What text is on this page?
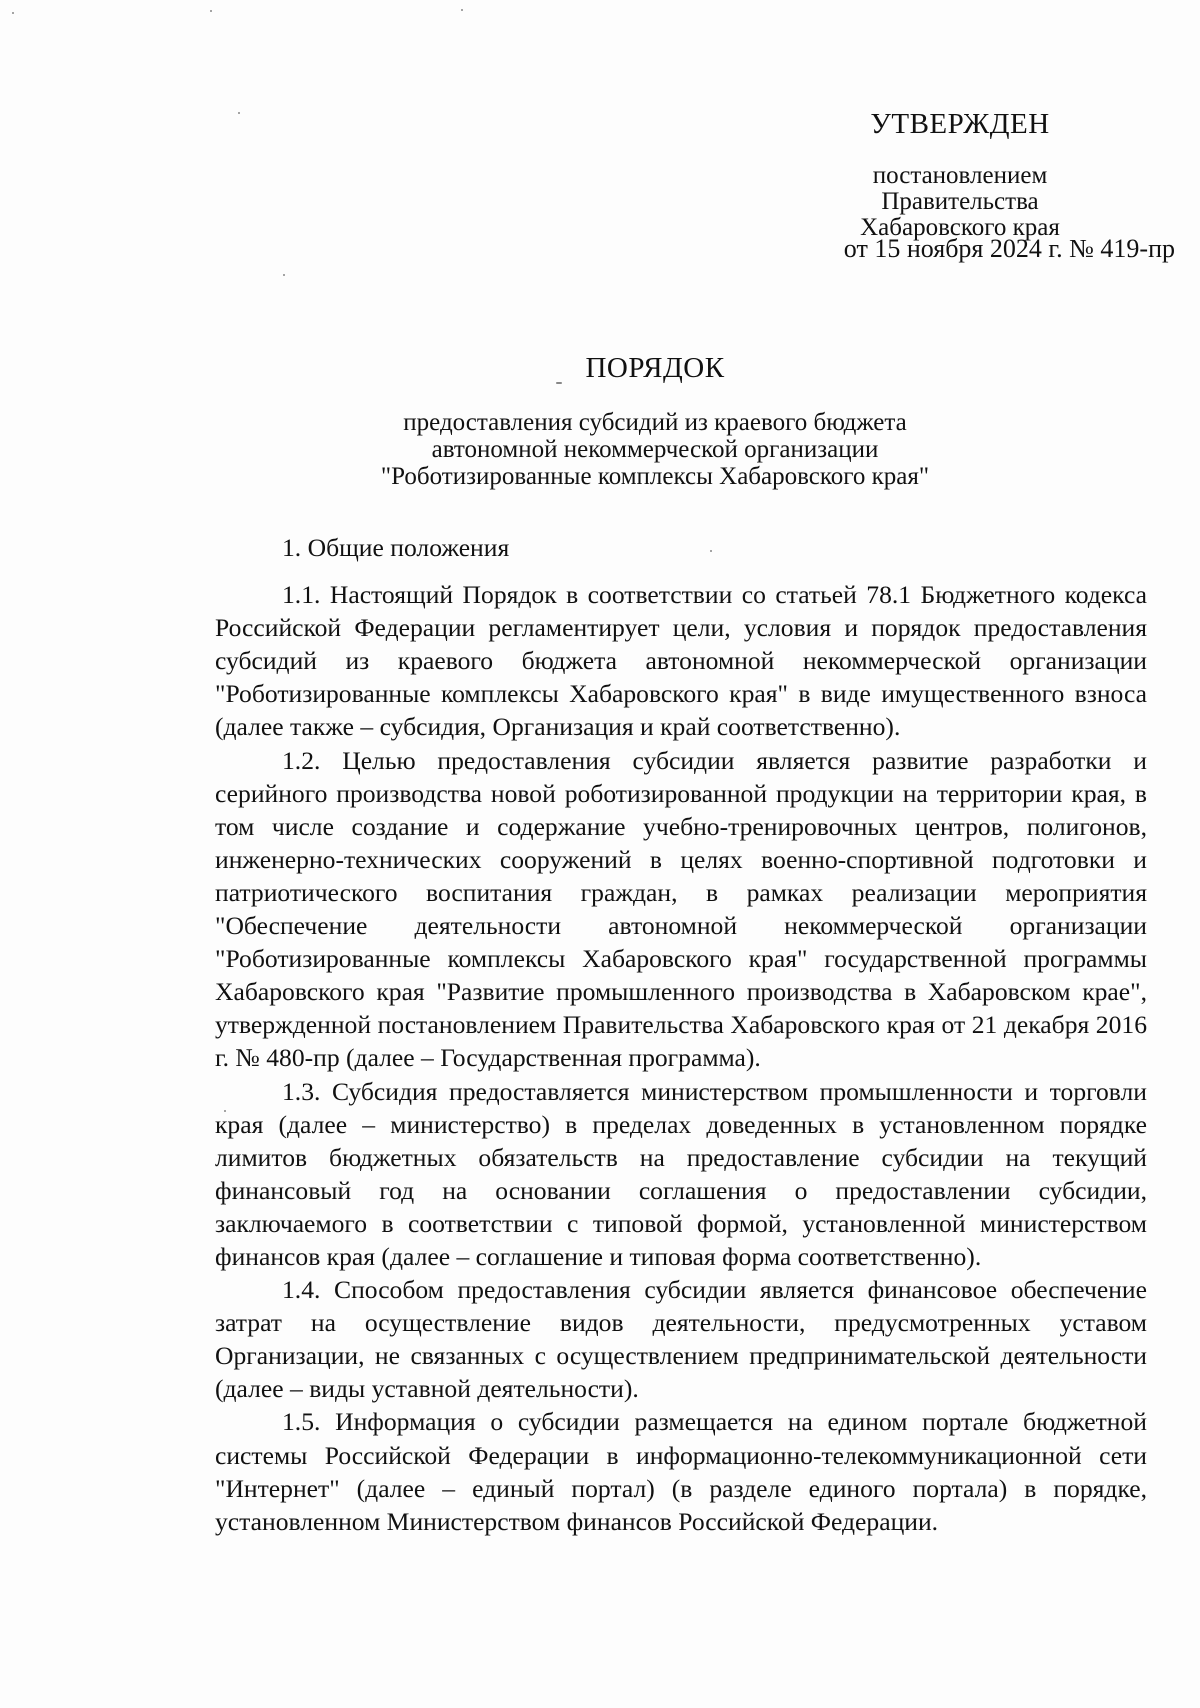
УТВЕРЖДЕН
постановлением
Правительства
Хабаровского края
от 15 ноября 2024 г. № 419-пр
ПОРЯДОК
предоставления субсидий из краевого бюджета
автономной некоммерческой организации
"Роботизированные комплексы Хабаровского края"

1. Общие положения

1.1. Настоящий Порядок в соответствии со статьей 78.1 Бюджетного кодекса Российской Федерации регламентирует цели, условия и порядок предоставления субсидий из краевого бюджета автономной некоммерческой организации "Роботизированные комплексы Хабаровского края" в виде имущественного взноса (далее также – субсидия, Организация и край соответственно).

1.2. Целью предоставления субсидии является развитие разработки и серийного производства новой роботизированной продукции на территории края, в том числе создание и содержание учебно-тренировочных центров, полигонов, инженерно-технических сооружений в целях военно-спортивной подготовки и патриотического воспитания граждан, в рамках реализации мероприятия "Обеспечение деятельности автономной некоммерческой организации "Роботизированные комплексы Хабаровского края" государственной программы Хабаровского края "Развитие промышленного производства в Хабаровском крае", утвержденной постановлением Правительства Хабаровского края от 21 декабря 2016 г. № 480-пр (далее – Государственная программа).

1.3. Субсидия предоставляется министерством промышленности и торговли края (далее – министерство) в пределах доведенных в установленном порядке лимитов бюджетных обязательств на предоставление субсидии на текущий финансовый год на основании соглашения о предоставлении субсидии, заключаемого в соответствии с типовой формой, установленной министерством финансов края (далее – соглашение и типовая форма соответственно).

1.4. Способом предоставления субсидии является финансовое обеспечение затрат на осуществление видов деятельности, предусмотренных уставом Организации, не связанных с осуществлением предпринимательской деятельности (далее – виды уставной деятельности).

1.5. Информация о субсидии размещается на едином портале бюджетной системы Российской Федерации в информационно-телекоммуникационной сети "Интернет" (далее – единый портал) (в разделе единого портала) в порядке, установленном Министерством финансов Российской Федерации.
